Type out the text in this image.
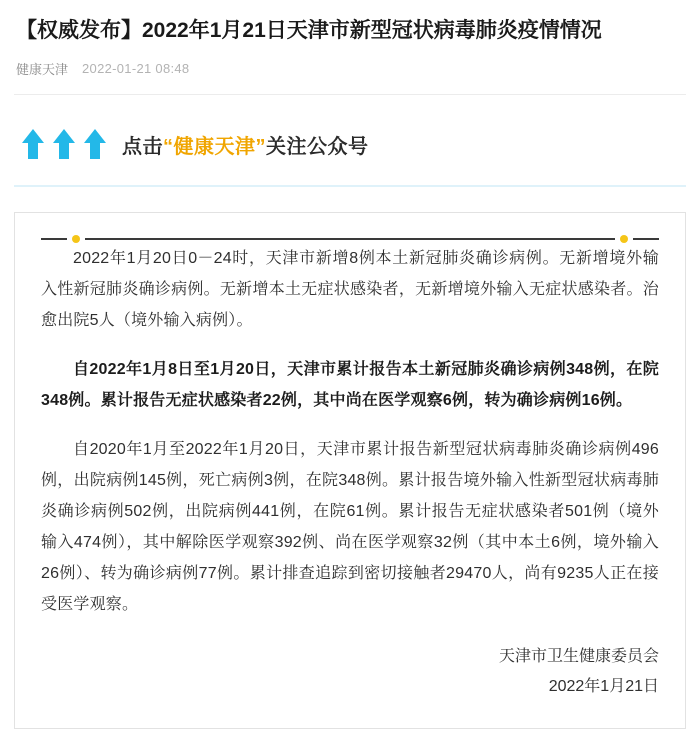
【权威发布】2022年1月21日天津市新型冠状病毒肺炎疫情情况
健康天津 2022-01-21 08:48
点击“健康天津”关注公众号

2022年1月20日0－24时，天津市新增8例本土新冠肺炎确诊病例。无新增境外输入性新冠肺炎确诊病例。无新增本土无症状感染者，无新增境外输入无症状感染者。治愈出院5人（境外输入病例）。

自2022年1月8日至1月20日，天津市累计报告本土新冠肺炎确诊病例348例，在院348例。累计报告无症状感染者22例，其中尚在医学观察6例，转为确诊病例16例。

自2020年1月至2022年1月20日，天津市累计报告新型冠状病毒肺炎确诊病例496例，出院病例145例，死亡病例3例，在院348例。累计报告境外输入性新型冠状病毒肺炎确诊病例502例，出院病例441例，在院61例。累计报告无症状感染者501例（境外输入474例），其中解除医学观察392例、尚在医学观察32例（其中本土6例，境外输入26例）、转为确诊病例77例。累计排查追踪到密切接触者29470人，尚有9235人正在接受医学观察。

天津市卫生健康委员会
2022年1月21日
